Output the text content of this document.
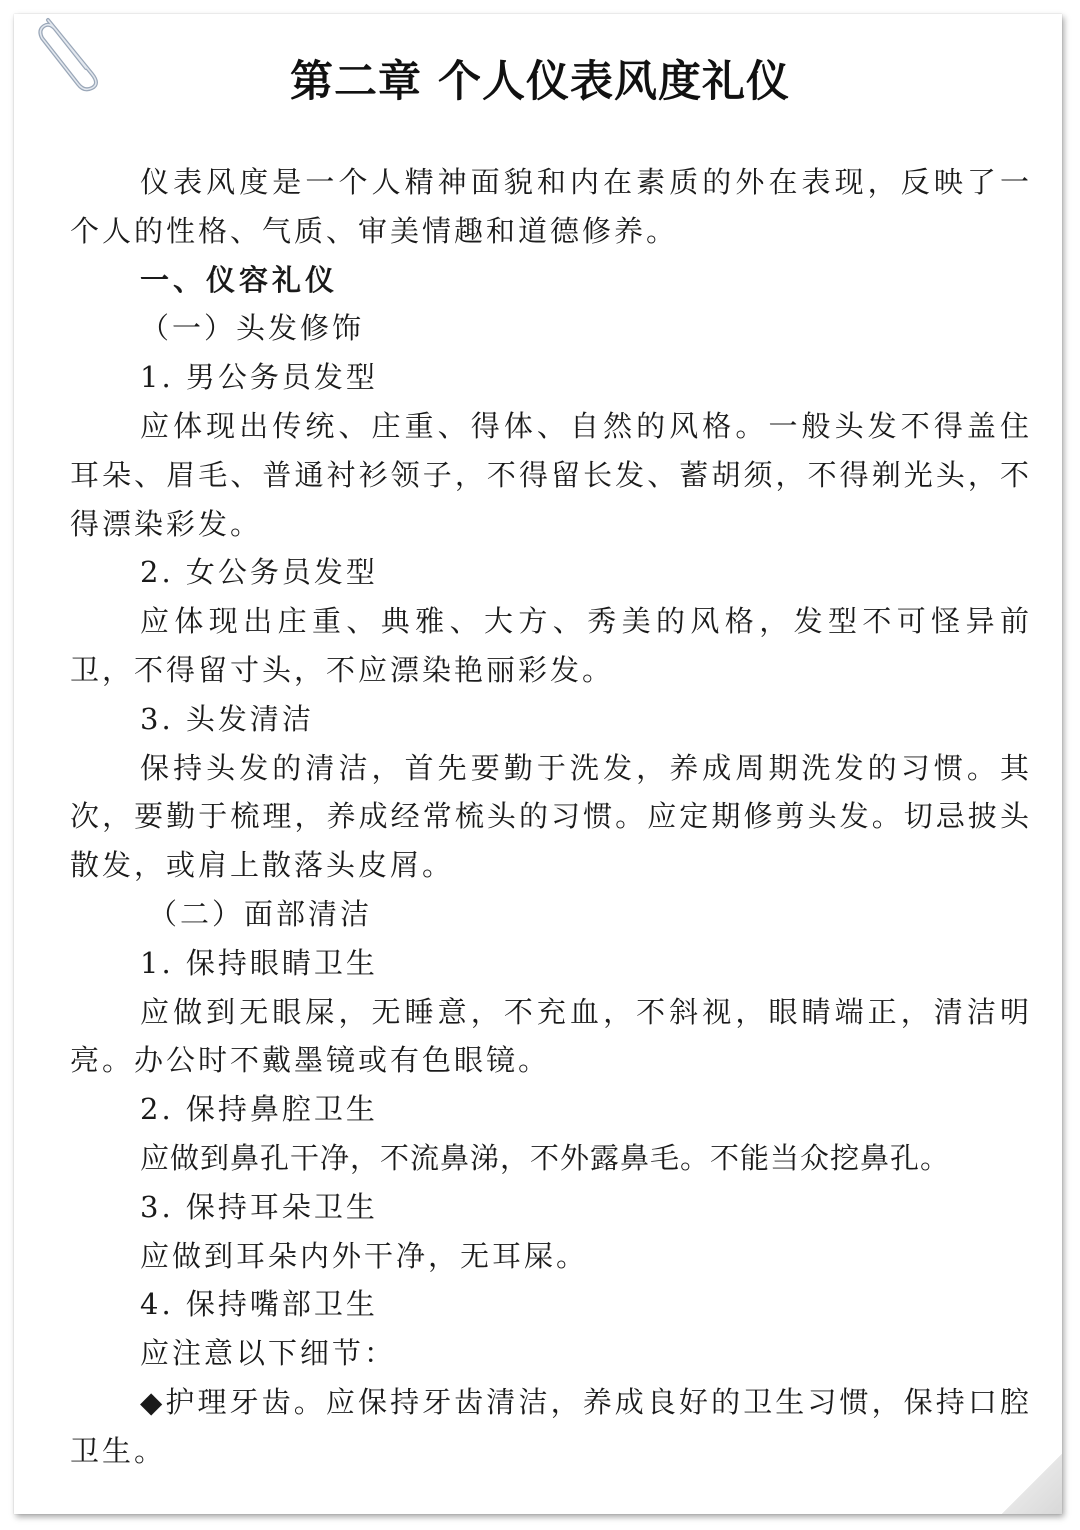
第二章 个人仪表风度礼仪

仪表风度是一个人精神面貌和内在素质的外在表现，反映了一个人的性格、气质、审美情趣和道德修养。

一、仪容礼仪

（一）头发修饰

1. 男公务员发型

应体现出传统、庄重、得体、自然的风格。一般头发不得盖住耳朵、眉毛、普通衬衫领子，不得留长发、蓄胡须，不得剃光头，不得漂染彩发。

2. 女公务员发型

应体现出庄重、典雅、大方、秀美的风格，发型不可怪异前卫，不得留寸头，不应漂染艳丽彩发。

3. 头发清洁

保持头发的清洁，首先要勤于洗发，养成周期洗发的习惯。其次，要勤于梳理，养成经常梳头的习惯。应定期修剪头发。切忌披头散发，或肩上散落头皮屑。

（二）面部清洁

1. 保持眼睛卫生

应做到无眼屎，无睡意，不充血，不斜视，眼睛端正，清洁明亮。办公时不戴墨镜或有色眼镜。

2. 保持鼻腔卫生

应做到鼻孔干净，不流鼻涕，不外露鼻毛。不能当众挖鼻孔。

3. 保持耳朵卫生

应做到耳朵内外干净，无耳屎。

4. 保持嘴部卫生

应注意以下细节：

◆护理牙齿。应保持牙齿清洁，养成良好的卫生习惯，保持口腔卫生。
